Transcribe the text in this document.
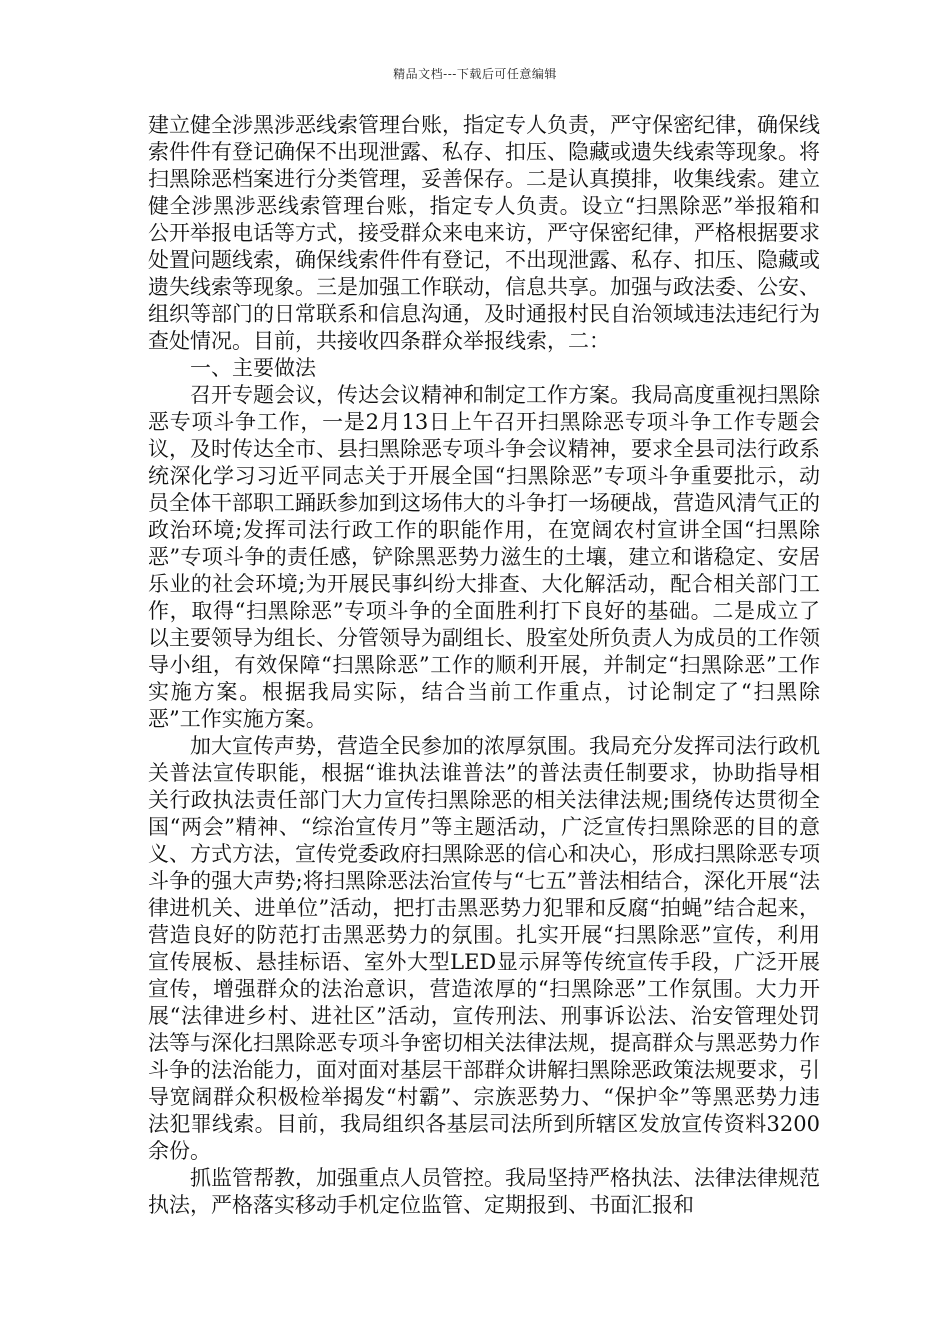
精品文档---下载后可任意编辑

建立健全涉黑涉恶线索管理台账，指定专人负责，严守保密纪律，确保线索件件有登记确保不出现泄露、私存、扣压、隐藏或遗失线索等现象。将扫黑除恶档案进行分类管理，妥善保存。二是认真摸排，收集线索。建立健全涉黑涉恶线索管理台账，指定专人负责。设立“扫黑除恶”举报箱和公开举报电话等方式，接受群众来电来访，严守保密纪律，严格根据要求处置问题线索，确保线索件件有登记，不出现泄露、私存、扣压、隐藏或遗失线索等现象。三是加强工作联动，信息共享。加强与政法委、公安、组织等部门的日常联系和信息沟通，及时通报村民自治领域违法违纪行为查处情况。目前，共接收四条群众举报线索，二：

一、主要做法

召开专题会议，传达会议精神和制定工作方案。我局高度重视扫黑除恶专项斗争工作，一是2月13日上午召开扫黑除恶专项斗争工作专题会议，及时传达全市、县扫黑除恶专项斗争会议精神，要求全县司法行政系统深化学习习近平同志关于开展全国“扫黑除恶”专项斗争重要批示，动员全体干部职工踊跃参加到这场伟大的斗争打一场硬战，营造风清气正的政治环境;发挥司法行政工作的职能作用，在宽阔农村宣讲全国“扫黑除恶”专项斗争的责任感，铲除黑恶势力滋生的土壤，建立和谐稳定、安居乐业的社会环境;为开展民事纠纷大排查、大化解活动，配合相关部门工作，取得“扫黑除恶”专项斗争的全面胜利打下良好的基础。二是成立了以主要领导为组长、分管领导为副组长、股室处所负责人为成员的工作领导小组，有效保障“扫黑除恶”工作的顺利开展，并制定“扫黑除恶”工作实施方案。根据我局实际，结合当前工作重点，讨论制定了“扫黑除恶”工作实施方案。

加大宣传声势，营造全民参加的浓厚氛围。我局充分发挥司法行政机关普法宣传职能，根据“谁执法谁普法”的普法责任制要求，协助指导相关行政执法责任部门大力宣传扫黑除恶的相关法律法规;围绕传达贯彻全国“两会”精神、“综治宣传月”等主题活动，广泛宣传扫黑除恶的目的意义、方式方法，宣传党委政府扫黑除恶的信心和决心，形成扫黑除恶专项斗争的强大声势;将扫黑除恶法治宣传与“七五”普法相结合，深化开展“法律进机关、进单位”活动，把打击黑恶势力犯罪和反腐“拍蝇”结合起来，营造良好的防范打击黑恶势力的氛围。扎实开展“扫黑除恶”宣传，利用宣传展板、悬挂标语、室外大型LED显示屏等传统宣传手段，广泛开展宣传，增强群众的法治意识，营造浓厚的“扫黑除恶”工作氛围。大力开展“法律进乡村、进社区”活动，宣传刑法、刑事诉讼法、治安管理处罚法等与深化扫黑除恶专项斗争密切相关法律法规，提高群众与黑恶势力作斗争的法治能力，面对面对基层干部群众讲解扫黑除恶政策法规要求，引导宽阔群众积极检举揭发“村霸”、宗族恶势力、“保护伞”等黑恶势力违法犯罪线索。目前，我局组织各基层司法所到所辖区发放宣传资料3200余份。

抓监管帮教，加强重点人员管控。我局坚持严格执法、法律法律规范执法，严格落实移动手机定位监管、定期报到、书面汇报和
